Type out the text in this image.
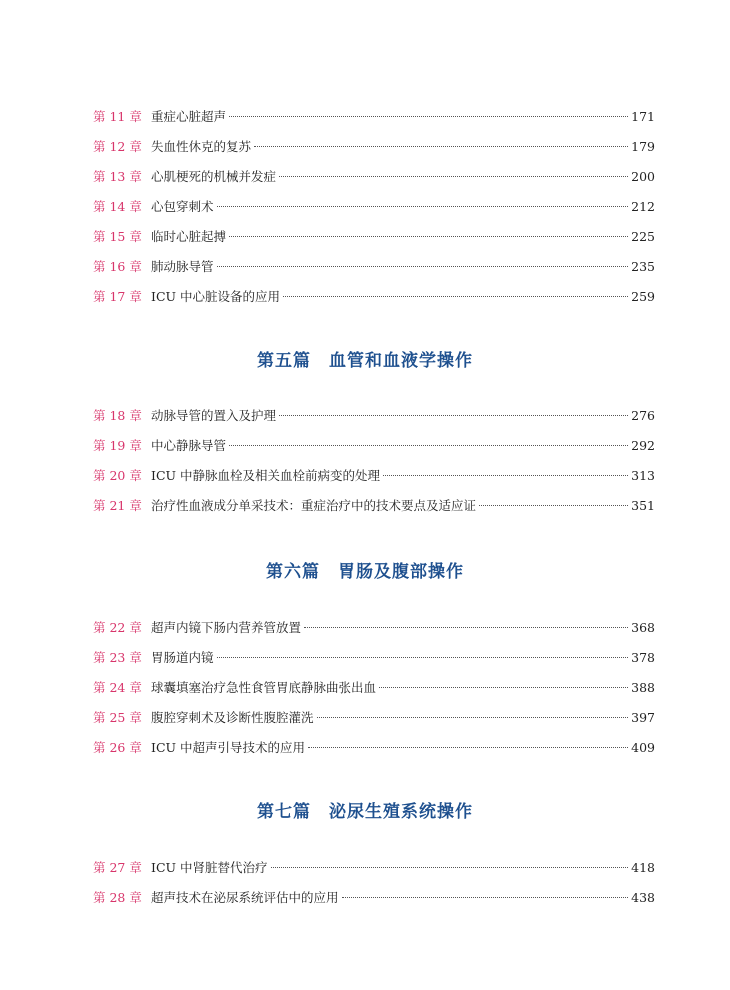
第 11 章 重症心脏超声	171
第 12 章 失血性休克的复苏	179
第 13 章 心肌梗死的机械并发症	200
第 14 章 心包穿刺术	212
第 15 章 临时心脏起搏	225
第 16 章 肺动脉导管	235
第 17 章 ICU 中心脏设备的应用	259
第五篇　血管和血液学操作
第 18 章 动脉导管的置入及护理	276
第 19 章 中心静脉导管	292
第 20 章 ICU 中静脉血栓及相关血栓前病变的处理	313
第 21 章 治疗性血液成分单采技术：重症治疗中的技术要点及适应证	351
第六篇　胃肠及腹部操作
第 22 章 超声内镜下肠内营养管放置	368
第 23 章 胃肠道内镜	378
第 24 章 球囊填塞治疗急性食管胃底静脉曲张出血	388
第 25 章 腹腔穿刺术及诊断性腹腔灌洗	397
第 26 章 ICU 中超声引导技术的应用	409
第七篇　泌尿生殖系统操作
第 27 章 ICU 中肾脏替代治疗	418
第 28 章 超声技术在泌尿系统评估中的应用	438
